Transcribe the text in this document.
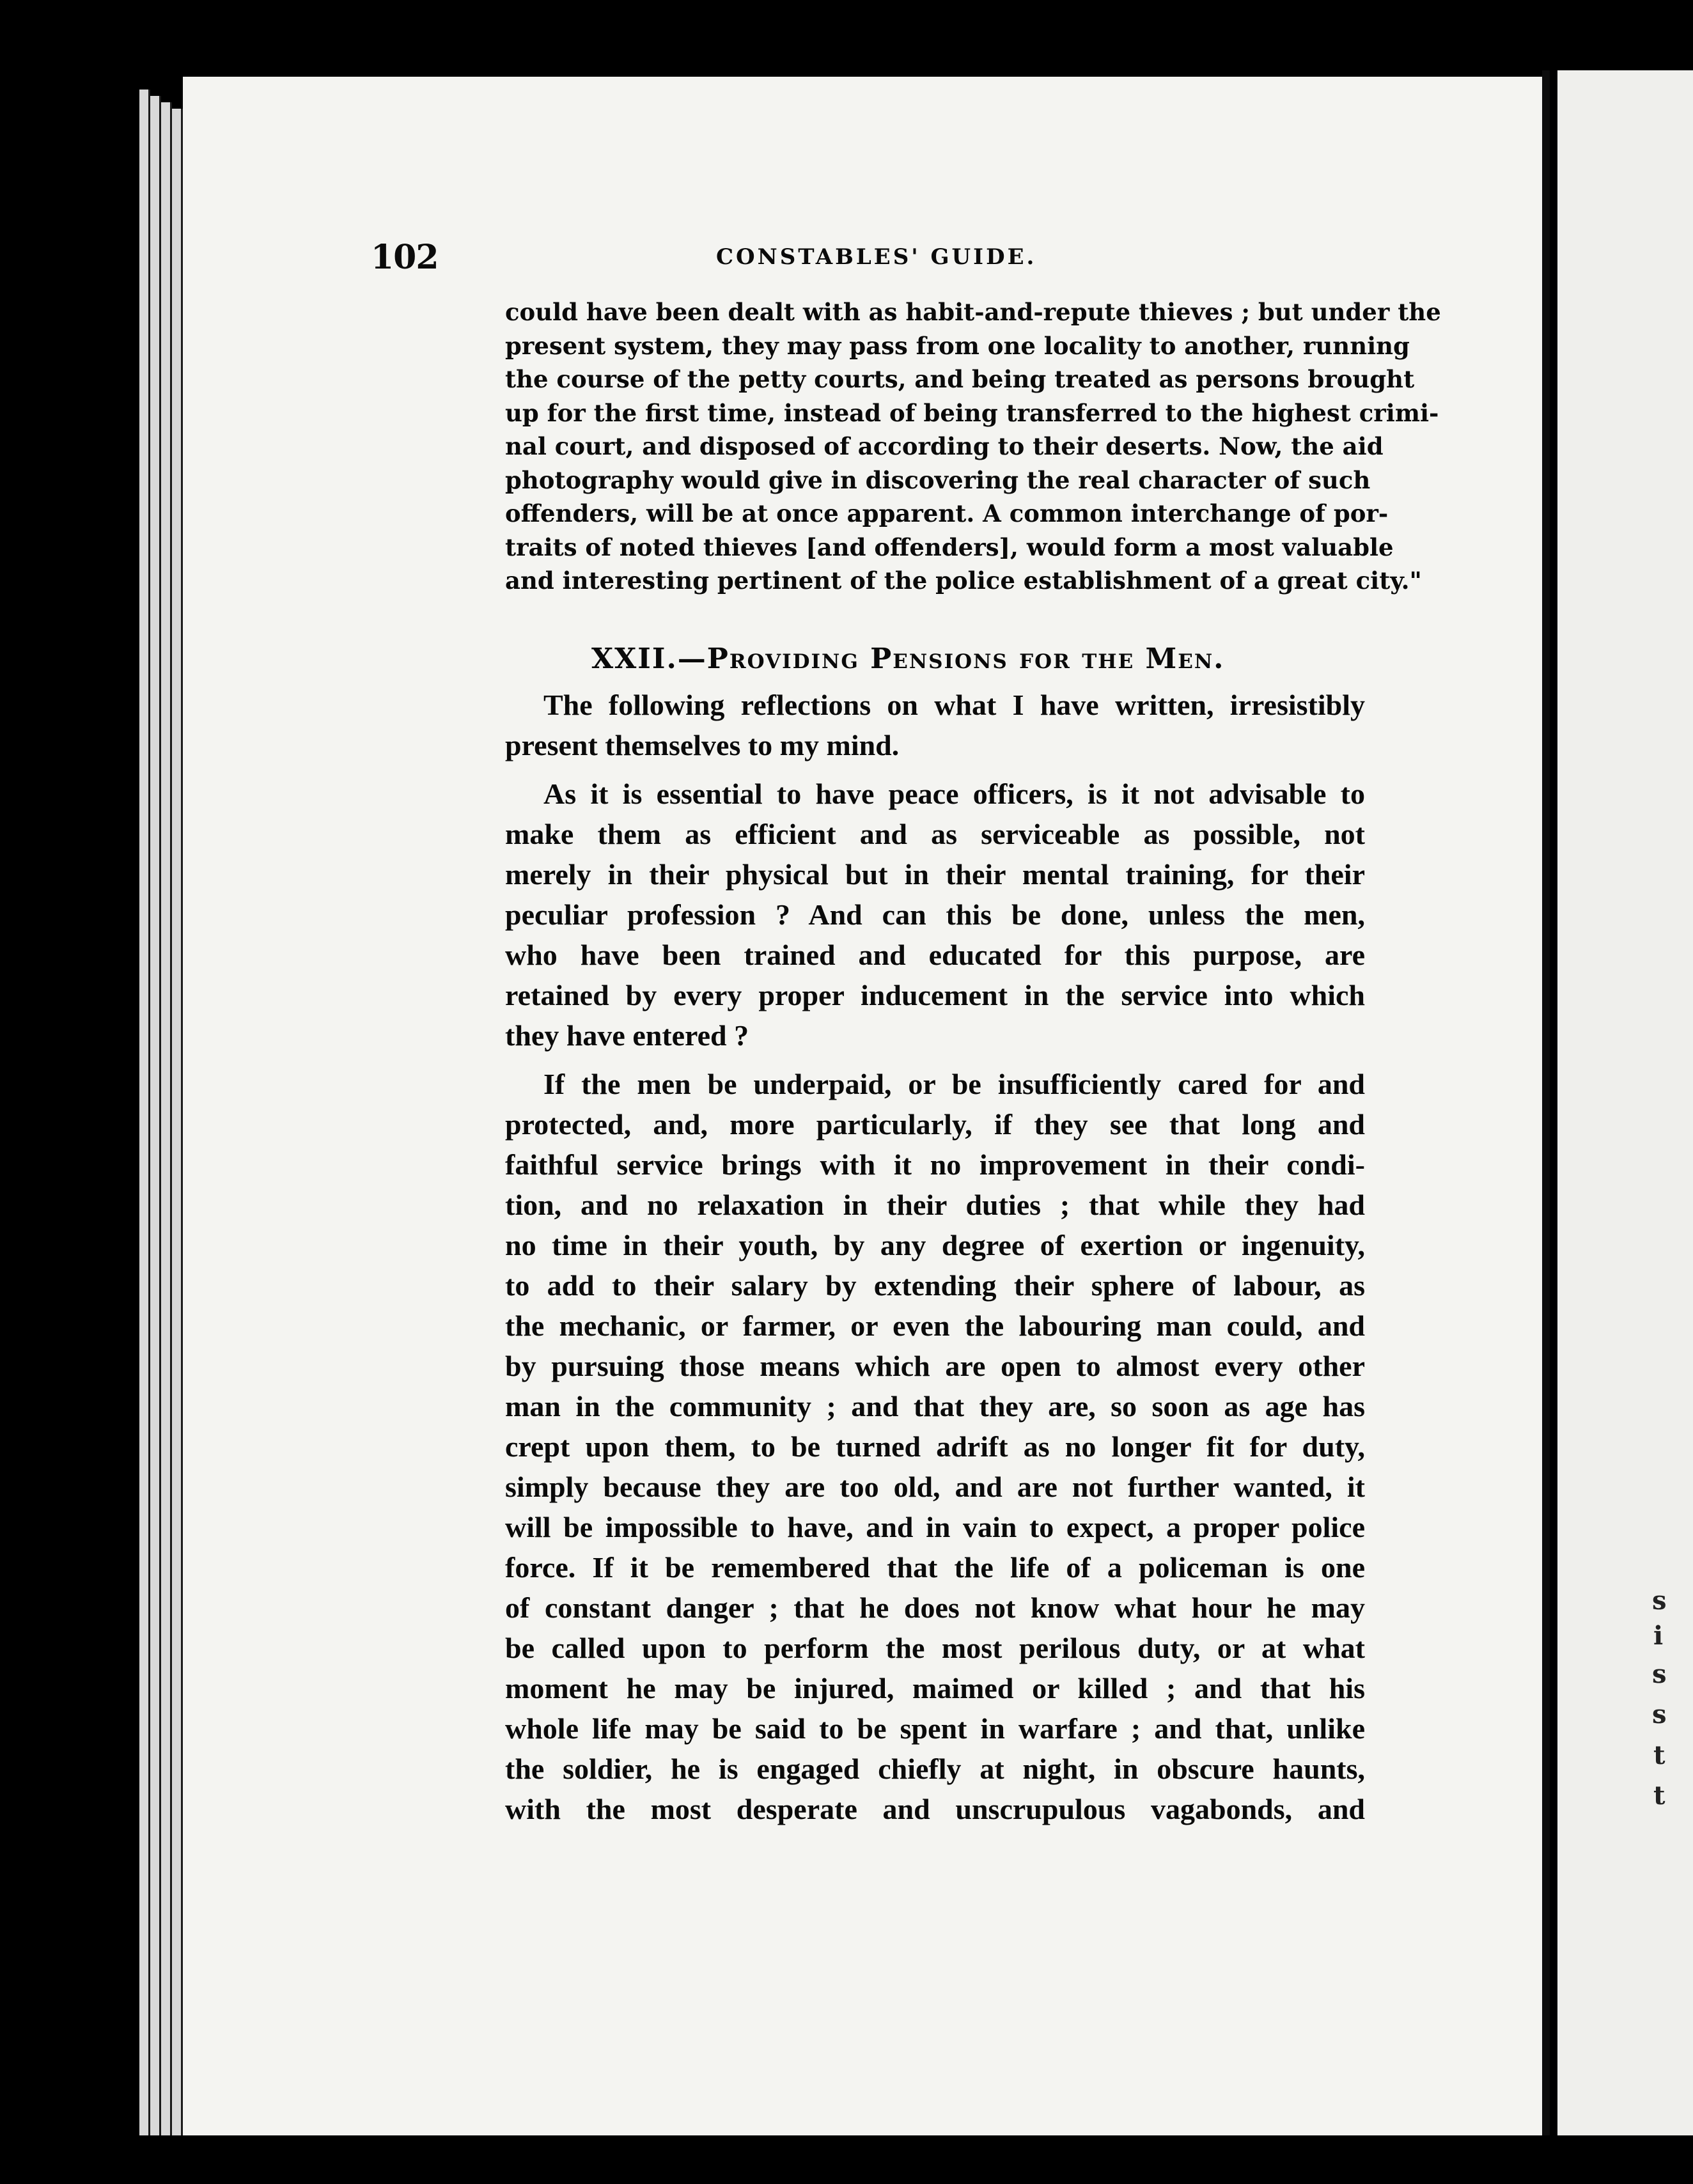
s
i
s
s
t
t
102	CONSTABLES' GUIDE.
could have been dealt with as habit-and-repute thieves ; but under the
present system, they may pass from one locality to another, running
the course of the petty courts, and being treated as persons brought
up for the first time, instead of being transferred to the highest crimi-
nal court, and disposed of according to their deserts. Now, the aid
photography would give in discovering the real character of such
offenders, will be at once apparent. A common interchange of por-
traits of noted thieves [and offenders], would form a most valuable
and interesting pertinent of the police establishment of a great city."
XXII.—Providing Pensions for the Men.
The following reflections on what I have written, irresistibly
present themselves to my mind.
As it is essential to have peace officers, is it not advisable to
make them as efficient and as serviceable as possible, not
merely in their physical but in their mental training, for their
peculiar profession ? And can this be done, unless the men,
who have been trained and educated for this purpose, are
retained by every proper inducement in the service into which
they have entered ?
If the men be underpaid, or be insufficiently cared for and
protected, and, more particularly, if they see that long and
faithful service brings with it no improvement in their condi-
tion, and no relaxation in their duties ; that while they had
no time in their youth, by any degree of exertion or ingenuity,
to add to their salary by extending their sphere of labour, as
the mechanic, or farmer, or even the labouring man could, and
by pursuing those means which are open to almost every other
man in the community ; and that they are, so soon as age has
crept upon them, to be turned adrift as no longer fit for duty,
simply because they are too old, and are not further wanted, it
will be impossible to have, and in vain to expect, a proper police
force. If it be remembered that the life of a policeman is one
of constant danger ; that he does not know what hour he may
be called upon to perform the most perilous duty, or at what
moment he may be injured, maimed or killed ; and that his
whole life may be said to be spent in warfare ; and that, unlike
the soldier, he is engaged chiefly at night, in obscure haunts,
with the most desperate and unscrupulous vagabonds, and
